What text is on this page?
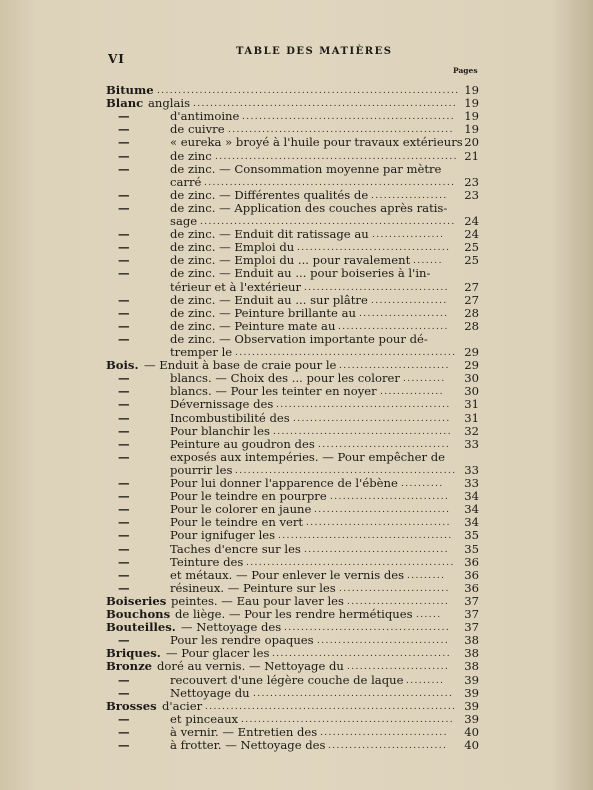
VI
TABLE DES MATIÈRES
Pages
Bitume	19
.......................................................................
Blanc anglais	19
..............................................................
—	d'antimoine	19
..................................................
—	de cuivre	19
.....................................................
—	« eureka » broyé à l'huile pour travaux extérieurs 20
—	de zinc	21
.........................................................
—	de zinc. — Consommation moyenne par mètre
carré	23
...........................................................
—	de zinc. — Différentes qualités de	23
..................
—	de zinc. — Application des couches après ratis-
sage	24
............................................................
—	de zinc. — Enduit dit ratissage au	24
.................
—	de zinc. — Emploi du	25
....................................
—	de zinc. — Emploi du ... pour ravalement	25
.......
—	de zinc. — Enduit au ... pour boiseries à l'in-
térieur et à l'extérieur	27
..................................
—	de zinc. — Enduit au ... sur plâtre	27
..................
—	de zinc. — Peinture brillante au	28
.....................
—	de zinc. — Peinture mate au	28
..........................
—	de zinc. — Observation importante pour dé-
tremper le	29
....................................................
Bois. — Enduit à base de craie pour le	29
..........................
—	blancs. — Choix des ... pour les colorer	30
..........
—	blancs. — Pour les teinter en noyer	30
...............
—	Dévernissage des	31
.........................................
—	Incombustibilité des	31
.....................................
—	Pour blanchir les	32
..........................................
—	Peinture au goudron des	33
...............................
—	exposés aux intempéries. — Pour empêcher de
pourrir les	33
....................................................
—	Pour lui donner l'apparence de l'ébène	33
..........
—	Pour le teindre en pourpre	34
............................
—	Pour le colorer en jaune	34
................................
—	Pour le teindre en vert	34
..................................
—	Pour ignifuger les	35
.........................................
—	Taches d'encre sur les	35
..................................
—	Teinture des	36
.................................................
—	et métaux. — Pour enlever le vernis des	36
.........
—	résineux. — Peinture sur les	36
..........................
Boiseries peintes. — Eau pour laver les	37
........................
Bouchons de liège. — Pour les rendre hermétiques	37
......
Bouteilles. — Nettoyage des	37
.......................................
—	Pour les rendre opaques	38
...............................
Briques. — Pour glacer les	38
..........................................
Bronze doré au vernis. — Nettoyage du	38
........................
—	recouvert d'une légère couche de laque	39
.........
—	Nettoyage du	39
...............................................
Brosses d'acier	39
...........................................................
—	et pinceaux	39
..................................................
—	à vernir. — Entretien des	40
..............................
—	à frotter. — Nettoyage des	40
............................
